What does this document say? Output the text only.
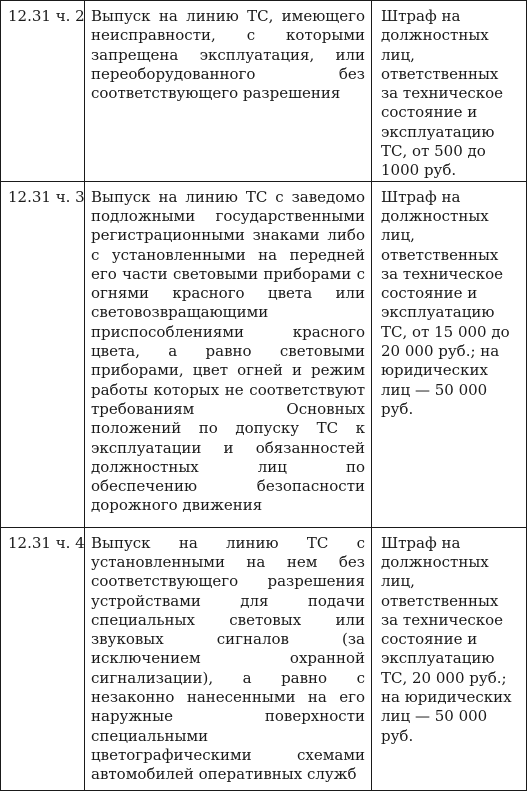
12.31 ч. 2	Выпуск на линию ТС, имеющего неисправности, с которыми запрещена эксплуатация, или переоборудованного без соответствующего разрешения	Штраф на должностных лиц, ответственных за техническое состояние и эксплуатацию ТС, от 500 до 1000 руб.
12.31 ч. 3	Выпуск на линию ТС с заведомо подложными государственными регистрационными знаками либо с установленными на передней его части световыми приборами с огнями красного цвета или световозвращающими приспособлениями красного цвета, а равно световыми приборами, цвет огней и режим работы которых не соответствуют требованиям Основных положений по допуску ТС к эксплуатации и обязанностей должностных лиц по обеспечению безопасности дорожного движения	Штраф на должностных лиц, ответственных за техническое состояние и эксплуатацию ТС, от 15 000 до 20 000 руб.; на юридических лиц — 50 000 руб.
12.31 ч. 4	Выпуск на линию ТС с установленными на нем без соответствующего разрешения устройствами для подачи специальных световых или звуковых сигналов (за исключением охранной сигнализации), а равно с незаконно нанесенными на его наружные поверхности специальными цветографическими схемами автомобилей оперативных служб	Штраф на должностных лиц, ответственных за техническое состояние и эксплуатацию ТС, 20 000 руб.; на юридических лиц — 50 000 руб.
